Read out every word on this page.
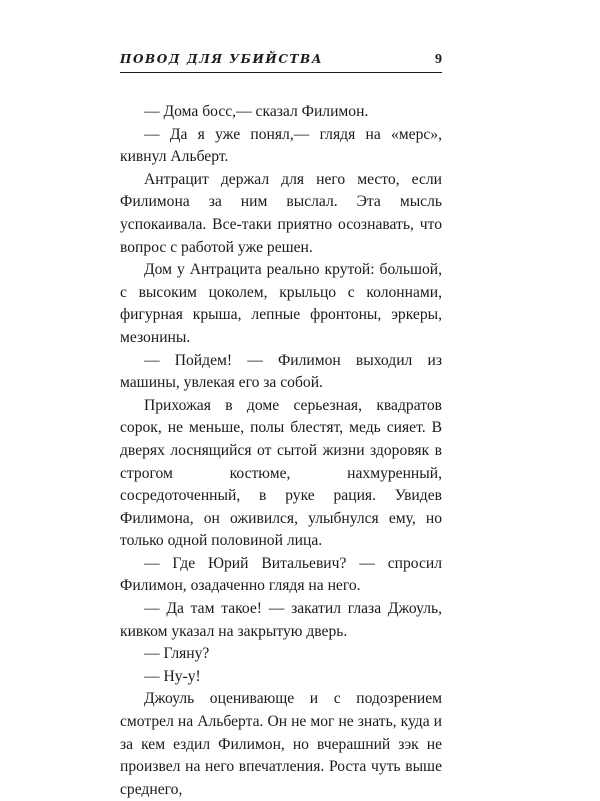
ПОВОД ДЛЯ УБИЙСТВА	9

— Дома босс,— сказал Филимон.

— Да я уже понял,— глядя на «мерс», кивнул Альберт.

Антрацит держал для него место, если Филимона за ним выслал. Эта мысль успокаивала. Все-таки приятно осознавать, что вопрос с работой уже решен.

Дом у Антрацита реально крутой: большой, с высоким цоколем, крыльцо с колоннами, фигурная крыша, лепные фронтоны, эркеры, мезонины.

— Пойдем! — Филимон выходил из машины, увлекая его за собой.

Прихожая в доме серьезная, квадратов сорок, не меньше, полы блестят, медь сияет. В дверях лоснящийся от сытой жизни здоровяк в строгом костюме, нахмуренный, сосредоточенный, в руке рация. Увидев Филимона, он оживился, улыбнулся ему, но только одной половиной лица.

— Где Юрий Витальевич? — спросил Филимон, озадаченно глядя на него.

— Да там такое! — закатил глаза Джоуль, кивком указал на закрытую дверь.

— Гляну?

— Ну-у!

Джоуль оценивающе и с подозрением смотрел на Альберта. Он не мог не знать, куда и за кем ездил Филимон, но вчерашний зэк не произвел на него впечатления. Роста чуть выше среднего,
